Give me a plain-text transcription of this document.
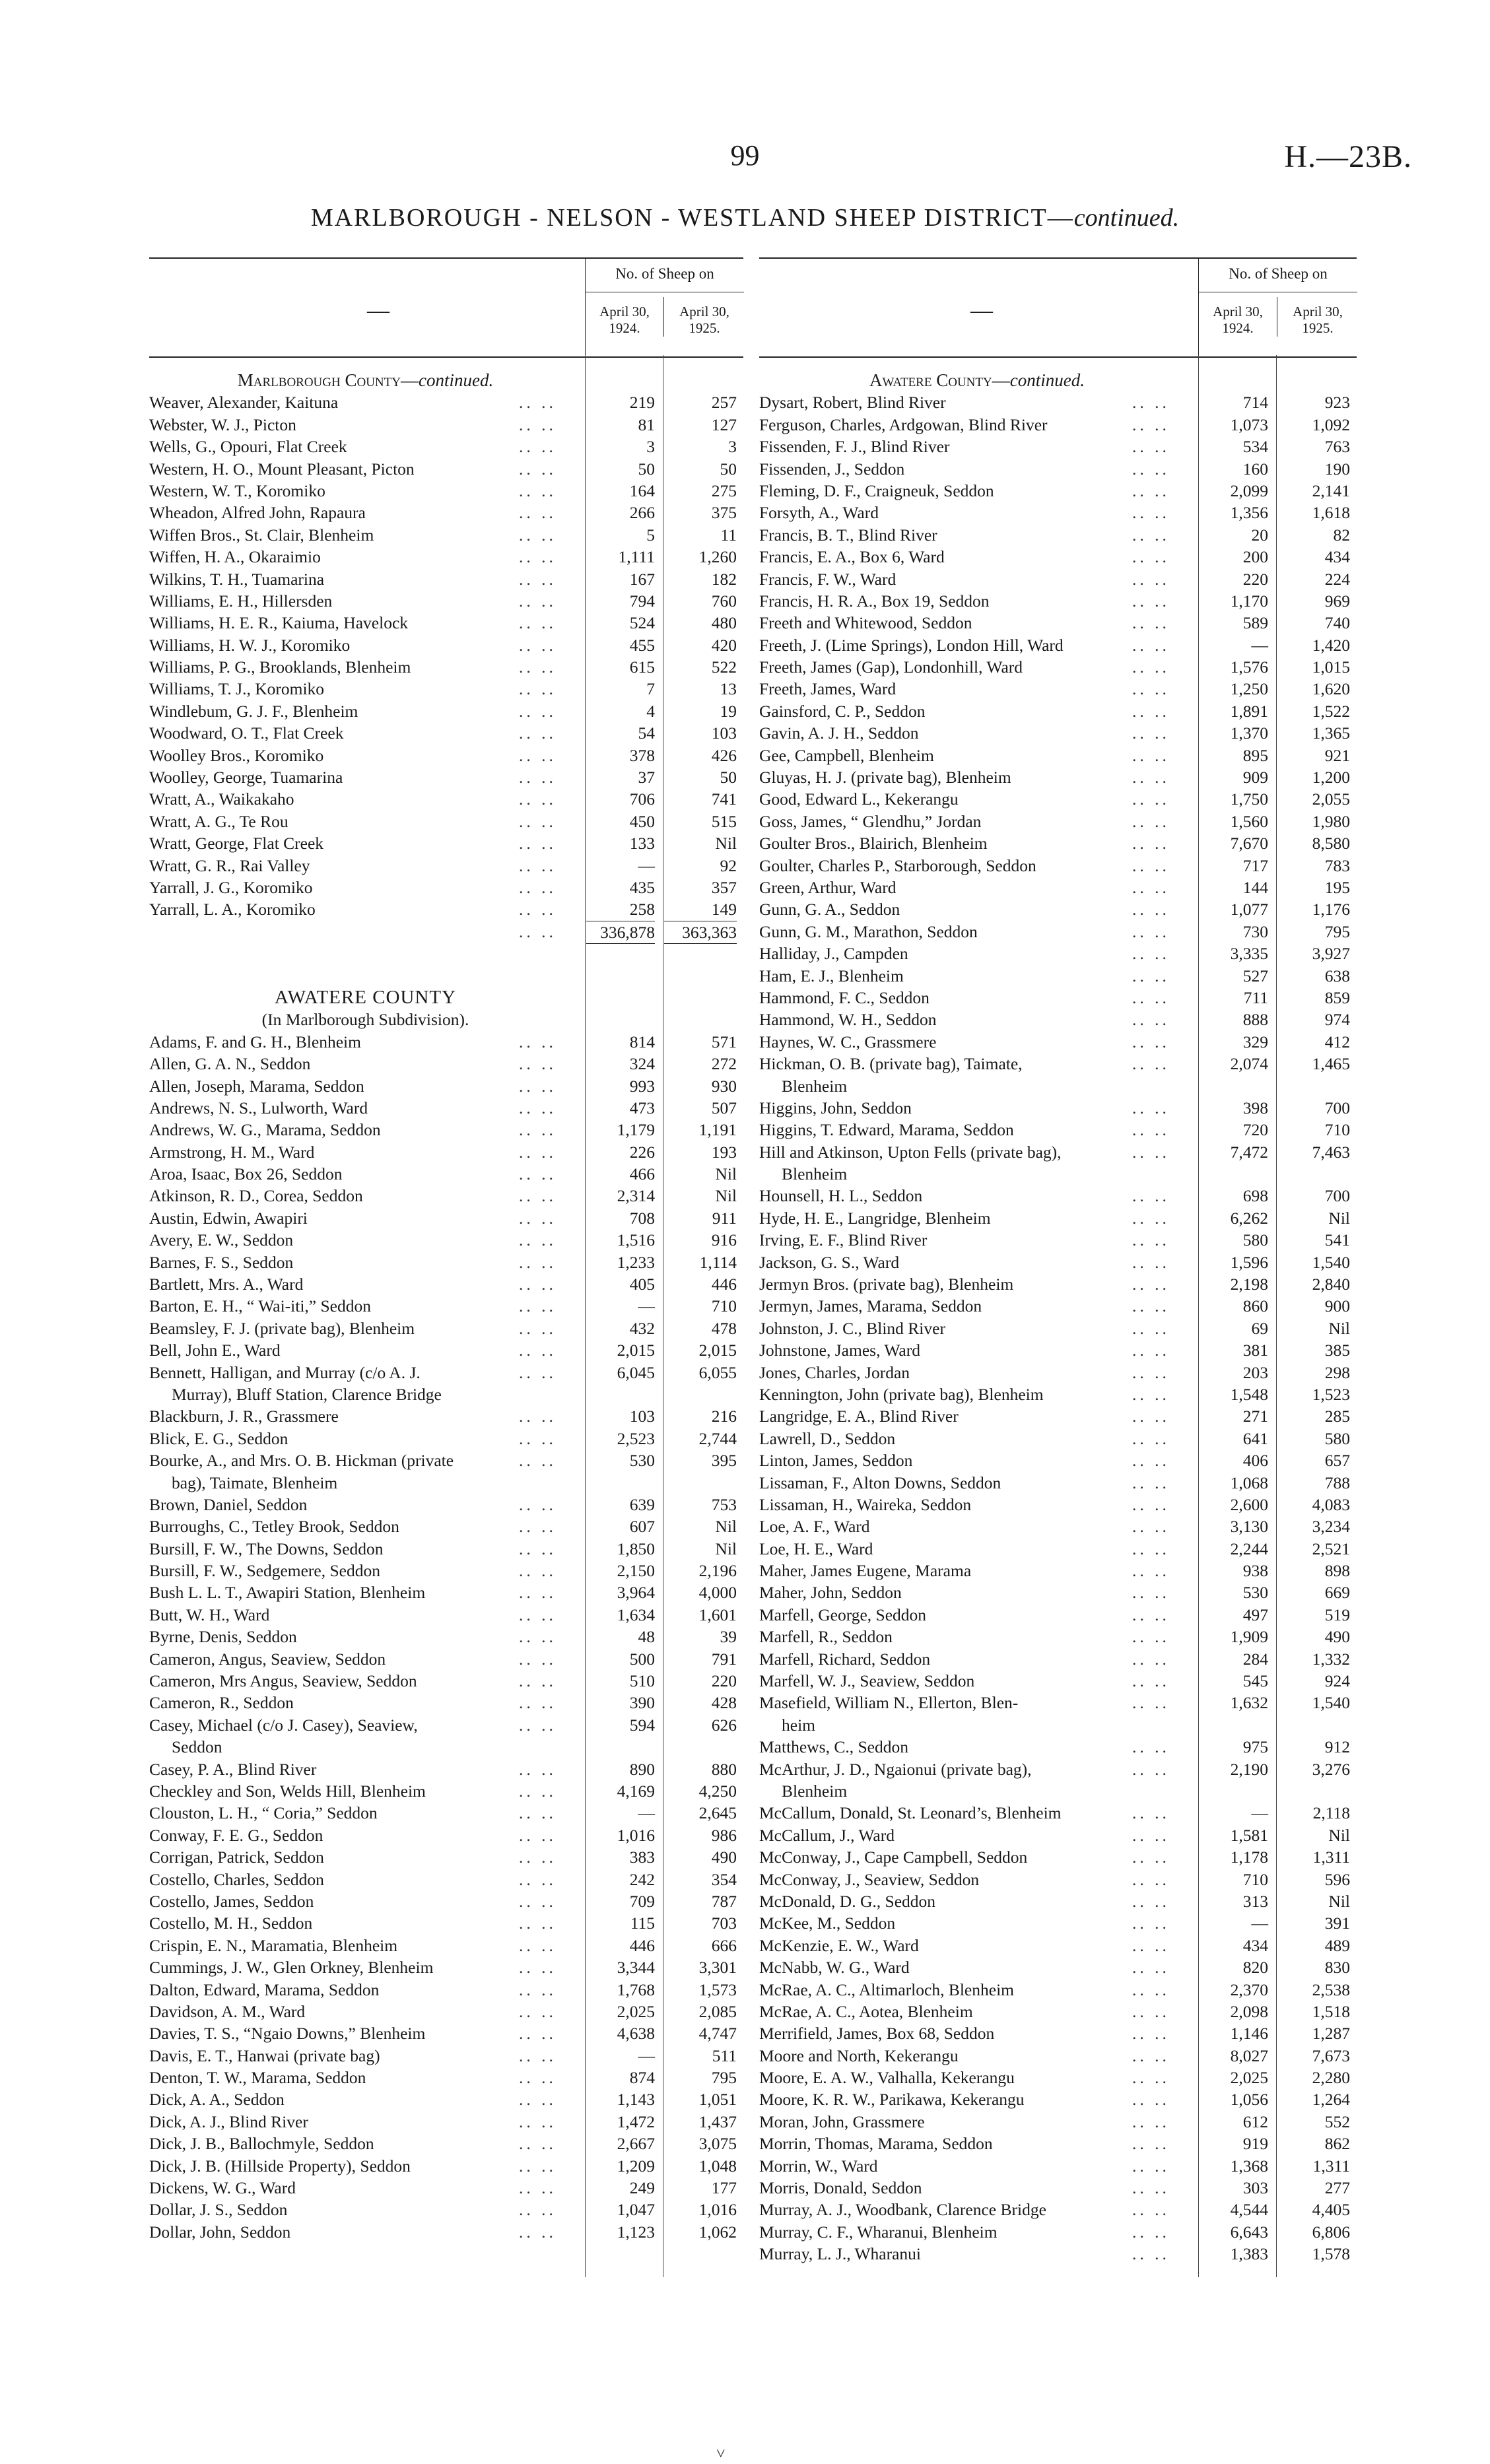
99	H.—23B.
MARLBOROUGH - NELSON - WESTLAND SHEEP DISTRICT—continued.
—
No. of Sheep on
April 30, 1924.
April 30, 1925.
Marlborough County—continued.
Weaver, Alexander, Kaituna	.. ..	219	257
Webster, W. J., Picton	.. ..	81	127
Wells, G., Opouri, Flat Creek	.. ..	3	3
Western, H. O., Mount Pleasant, Picton	.. ..	50	50
Western, W. T., Koromiko	.. ..	164	275
Wheadon, Alfred John, Rapaura	.. ..	266	375
Wiffen Bros., St. Clair, Blenheim	.. ..	5	11
Wiffen, H. A., Okaraimio	.. ..	1,111	1,260
Wilkins, T. H., Tuamarina	.. ..	167	182
Williams, E. H., Hillersden	.. ..	794	760
Williams, H. E. R., Kaiuma, Havelock	.. ..	524	480
Williams, H. W. J., Koromiko	.. ..	455	420
Williams, P. G., Brooklands, Blenheim	.. ..	615	522
Williams, T. J., Koromiko	.. ..	7	13
Windlebum, G. J. F., Blenheim	.. ..	4	19
Woodward, O. T., Flat Creek	.. ..	54	103
Woolley Bros., Koromiko	.. ..	378	426
Woolley, George, Tuamarina	.. ..	37	50
Wratt, A., Waikakaho	.. ..	706	741
Wratt, A. G., Te Rou	.. ..	450	515
Wratt, George, Flat Creek	.. ..	133	Nil
Wratt, G. R., Rai Valley	.. ..	—	92
Yarrall, J. G., Koromiko	.. ..	435	357
Yarrall, L. A., Koromiko	.. ..	258	149
.. ..	336,878	363,363
AWATERE COUNTY
(In Marlborough Subdivision).
Adams, F. and G. H., Blenheim	.. ..	814	571
Allen, G. A. N., Seddon	.. ..	324	272
Allen, Joseph, Marama, Seddon	.. ..	993	930
Andrews, N. S., Lulworth, Ward	.. ..	473	507
Andrews, W. G., Marama, Seddon	.. ..	1,179	1,191
Armstrong, H. M., Ward	.. ..	226	193
Aroa, Isaac, Box 26, Seddon	.. ..	466	Nil
Atkinson, R. D., Corea, Seddon	.. ..	2,314	Nil
Austin, Edwin, Awapiri	.. ..	708	911
Avery, E. W., Seddon	.. ..	1,516	916
Barnes, F. S., Seddon	.. ..	1,233	1,114
Bartlett, Mrs. A., Ward	.. ..	405	446
Barton, E. H., “ Wai-iti,” Seddon	.. ..	—	710
Beamsley, F. J. (private bag), Blenheim	.. ..	432	478
Bell, John E., Ward	.. ..	2,015	2,015
Bennett, Halligan, and Murray (c/o A. J.	.. ..	6,045	6,055
Murray), Bluff Station, Clarence Bridge
Blackburn, J. R., Grassmere	.. ..	103	216
Blick, E. G., Seddon	.. ..	2,523	2,744
Bourke, A., and Mrs. O. B. Hickman (private	.. ..	530	395
bag), Taimate, Blenheim
Brown, Daniel, Seddon	.. ..	639	753
Burroughs, C., Tetley Brook, Seddon	.. ..	607	Nil
Bursill, F. W., The Downs, Seddon	.. ..	1,850	Nil
Bursill, F. W., Sedgemere, Seddon	.. ..	2,150	2,196
Bush L. L. T., Awapiri Station, Blenheim	.. ..	3,964	4,000
Butt, W. H., Ward	.. ..	1,634	1,601
Byrne, Denis, Seddon	.. ..	48	39
Cameron, Angus, Seaview, Seddon	.. ..	500	791
Cameron, Mrs Angus, Seaview, Seddon	.. ..	510	220
Cameron, R., Seddon	.. ..	390	428
Casey, Michael (c/o J. Casey), Seaview,	.. ..	594	626
Seddon
Casey, P. A., Blind River	.. ..	890	880
Checkley and Son, Welds Hill, Blenheim	.. ..	4,169	4,250
Clouston, L. H., “ Coria,” Seddon	.. ..	—	2,645
Conway, F. E. G., Seddon	.. ..	1,016	986
Corrigan, Patrick, Seddon	.. ..	383	490
Costello, Charles, Seddon	.. ..	242	354
Costello, James, Seddon	.. ..	709	787
Costello, M. H., Seddon	.. ..	115	703
Crispin, E. N., Maramatia, Blenheim	.. ..	446	666
Cummings, J. W., Glen Orkney, Blenheim	.. ..	3,344	3,301
Dalton, Edward, Marama, Seddon	.. ..	1,768	1,573
Davidson, A. M., Ward	.. ..	2,025	2,085
Davies, T. S., “Ngaio Downs,” Blenheim	.. ..	4,638	4,747
Davis, E. T., Hanwai (private bag)	.. ..	—	511
Denton, T. W., Marama, Seddon	.. ..	874	795
Dick, A. A., Seddon	.. ..	1,143	1,051
Dick, A. J., Blind River	.. ..	1,472	1,437
Dick, J. B., Ballochmyle, Seddon	.. ..	2,667	3,075
Dick, J. B. (Hillside Property), Seddon	.. ..	1,209	1,048
Dickens, W. G., Ward	.. ..	249	177
Dollar, J. S., Seddon	.. ..	1,047	1,016
Dollar, John, Seddon	.. ..	1,123	1,062
—
No. of Sheep on
April 30, 1924.
April 30, 1925.
Awatere County—continued.
Dysart, Robert, Blind River	.. ..	714	923
Ferguson, Charles, Ardgowan, Blind River	.. ..	1,073	1,092
Fissenden, F. J., Blind River	.. ..	534	763
Fissenden, J., Seddon	.. ..	160	190
Fleming, D. F., Craigneuk, Seddon	.. ..	2,099	2,141
Forsyth, A., Ward	.. ..	1,356	1,618
Francis, B. T., Blind River	.. ..	20	82
Francis, E. A., Box 6, Ward	.. ..	200	434
Francis, F. W., Ward	.. ..	220	224
Francis, H. R. A., Box 19, Seddon	.. ..	1,170	969
Freeth and Whitewood, Seddon	.. ..	589	740
Freeth, J. (Lime Springs), London Hill, Ward	.. ..	—	1,420
Freeth, James (Gap), Londonhill, Ward	.. ..	1,576	1,015
Freeth, James, Ward	.. ..	1,250	1,620
Gainsford, C. P., Seddon	.. ..	1,891	1,522
Gavin, A. J. H., Seddon	.. ..	1,370	1,365
Gee, Campbell, Blenheim	.. ..	895	921
Gluyas, H. J. (private bag), Blenheim	.. ..	909	1,200
Good, Edward L., Kekerangu	.. ..	1,750	2,055
Goss, James, “ Glendhu,” Jordan	.. ..	1,560	1,980
Goulter Bros., Blairich, Blenheim	.. ..	7,670	8,580
Goulter, Charles P., Starborough, Seddon	.. ..	717	783
Green, Arthur, Ward	.. ..	144	195
Gunn, G. A., Seddon	.. ..	1,077	1,176
Gunn, G. M., Marathon, Seddon	.. ..	730	795
Halliday, J., Campden	.. ..	3,335	3,927
Ham, E. J., Blenheim	.. ..	527	638
Hammond, F. C., Seddon	.. ..	711	859
Hammond, W. H., Seddon	.. ..	888	974
Haynes, W. C., Grassmere	.. ..	329	412
Hickman, O. B. (private bag), Taimate,	.. ..	2,074	1,465
Blenheim
Higgins, John, Seddon	.. ..	398	700
Higgins, T. Edward, Marama, Seddon	.. ..	720	710
Hill and Atkinson, Upton Fells (private bag),	.. ..	7,472	7,463
Blenheim
Hounsell, H. L., Seddon	.. ..	698	700
Hyde, H. E., Langridge, Blenheim	.. ..	6,262	Nil
Irving, E. F., Blind River	.. ..	580	541
Jackson, G. S., Ward	.. ..	1,596	1,540
Jermyn Bros. (private bag), Blenheim	.. ..	2,198	2,840
Jermyn, James, Marama, Seddon	.. ..	860	900
Johnston, J. C., Blind River	.. ..	69	Nil
Johnstone, James, Ward	.. ..	381	385
Jones, Charles, Jordan	.. ..	203	298
Kennington, John (private bag), Blenheim	.. ..	1,548	1,523
Langridge, E. A., Blind River	.. ..	271	285
Lawrell, D., Seddon	.. ..	641	580
Linton, James, Seddon	.. ..	406	657
Lissaman, F., Alton Downs, Seddon	.. ..	1,068	788
Lissaman, H., Waireka, Seddon	.. ..	2,600	4,083
Loe, A. F., Ward	.. ..	3,130	3,234
Loe, H. E., Ward	.. ..	2,244	2,521
Maher, James Eugene, Marama	.. ..	938	898
Maher, John, Seddon	.. ..	530	669
Marfell, George, Seddon	.. ..	497	519
Marfell, R., Seddon	.. ..	1,909	490
Marfell, Richard, Seddon	.. ..	284	1,332
Marfell, W. J., Seaview, Seddon	.. ..	545	924
Masefield, William N., Ellerton, Blen-	.. ..	1,632	1,540
heim
Matthews, C., Seddon	.. ..	975	912
McArthur, J. D., Ngaionui (private bag),	.. ..	2,190	3,276
Blenheim
McCallum, Donald, St. Leonard’s, Blenheim	.. ..	—	2,118
McCallum, J., Ward	.. ..	1,581	Nil
McConway, J., Cape Campbell, Seddon	.. ..	1,178	1,311
McConway, J., Seaview, Seddon	.. ..	710	596
McDonald, D. G., Seddon	.. ..	313	Nil
McKee, M., Seddon	.. ..	—	391
McKenzie, E. W., Ward	.. ..	434	489
McNabb, W. G., Ward	.. ..	820	830
McRae, A. C., Altimarloch, Blenheim	.. ..	2,370	2,538
McRae, A. C., Aotea, Blenheim	.. ..	2,098	1,518
Merrifield, James, Box 68, Seddon	.. ..	1,146	1,287
Moore and North, Kekerangu	.. ..	8,027	7,673
Moore, E. A. W., Valhalla, Kekerangu	.. ..	2,025	2,280
Moore, K. R. W., Parikawa, Kekerangu	.. ..	1,056	1,264
Moran, John, Grassmere	.. ..	612	552
Morrin, Thomas, Marama, Seddon	.. ..	919	862
Morrin, W., Ward	.. ..	1,368	1,311
Morris, Donald, Seddon	.. ..	303	277
Murray, A. J., Woodbank, Clarence Bridge	.. ..	4,544	4,405
Murray, C. F., Wharanui, Blenheim	.. ..	6,643	6,806
Murray, L. J., Wharanui	.. ..	1,383	1,578
˅
